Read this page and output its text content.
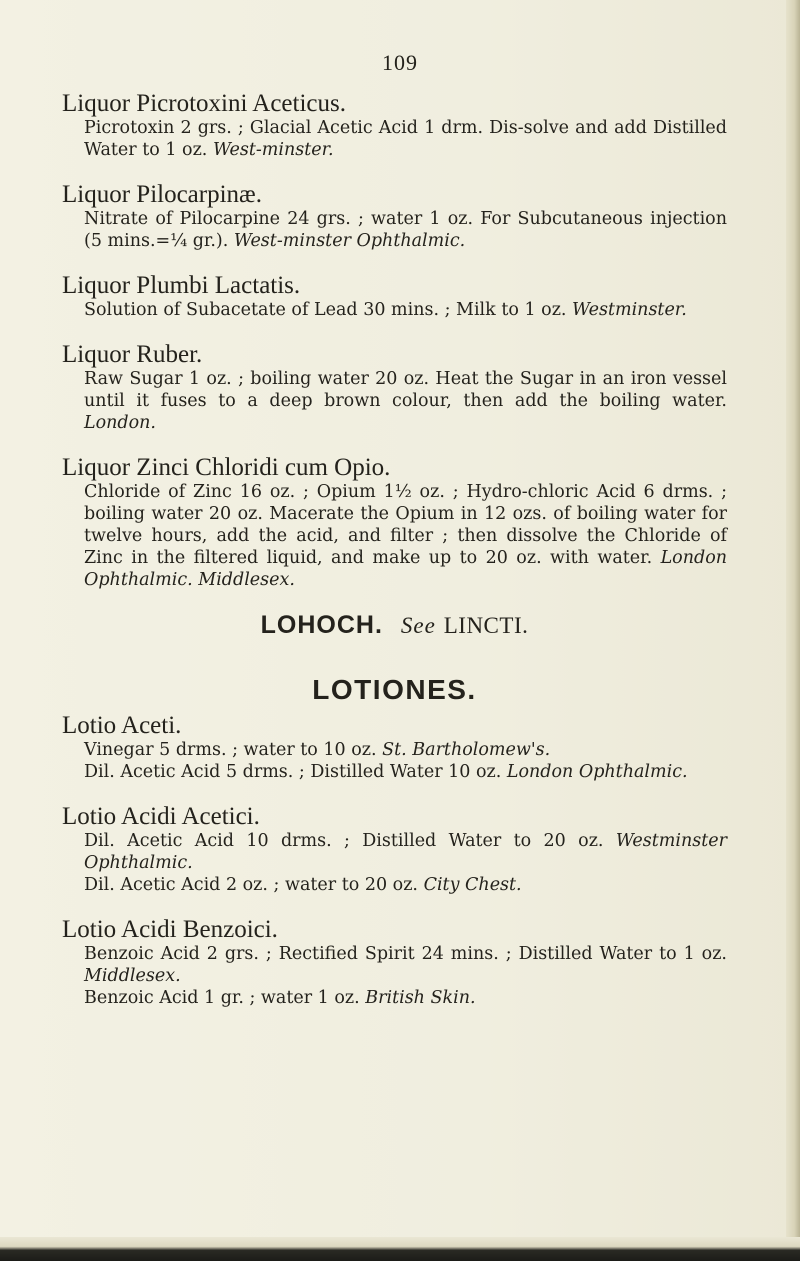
109
Liquor Picrotoxini Aceticus.
Picrotoxin 2 grs. ; Glacial Acetic Acid 1 drm. Dis-solve and add Distilled Water to 1 oz. West-minster.
Liquor Pilocarpinæ.
Nitrate of Pilocarpine 24 grs. ; water 1 oz. For Subcutaneous injection (5 mins.=¼ gr.). West-minster Ophthalmic.
Liquor Plumbi Lactatis.
Solution of Subacetate of Lead 30 mins. ; Milk to 1 oz. Westminster.
Liquor Ruber.
Raw Sugar 1 oz. ; boiling water 20 oz. Heat the Sugar in an iron vessel until it fuses to a deep brown colour, then add the boiling water. London.
Liquor Zinci Chloridi cum Opio.
Chloride of Zinc 16 oz. ; Opium 1½ oz. ; Hydro-chloric Acid 6 drms. ; boiling water 20 oz. Macerate the Opium in 12 ozs. of boiling water for twelve hours, add the acid, and filter ; then dissolve the Chloride of Zinc in the filtered liquid, and make up to 20 oz. with water. London Ophthalmic. Middlesex.
LOHOCH. See LINCTI.
LOTIONES.
Lotio Aceti.
Vinegar 5 drms. ; water to 10 oz. St. Bartholomew's.
Dil. Acetic Acid 5 drms. ; Distilled Water 10 oz. London Ophthalmic.
Lotio Acidi Acetici.
Dil. Acetic Acid 10 drms. ; Distilled Water to 20 oz. Westminster Ophthalmic.
Dil. Acetic Acid 2 oz. ; water to 20 oz. City Chest.
Lotio Acidi Benzoici.
Benzoic Acid 2 grs. ; Rectified Spirit 24 mins. ; Distilled Water to 1 oz. Middlesex.
Benzoic Acid 1 gr. ; water 1 oz. British Skin.
